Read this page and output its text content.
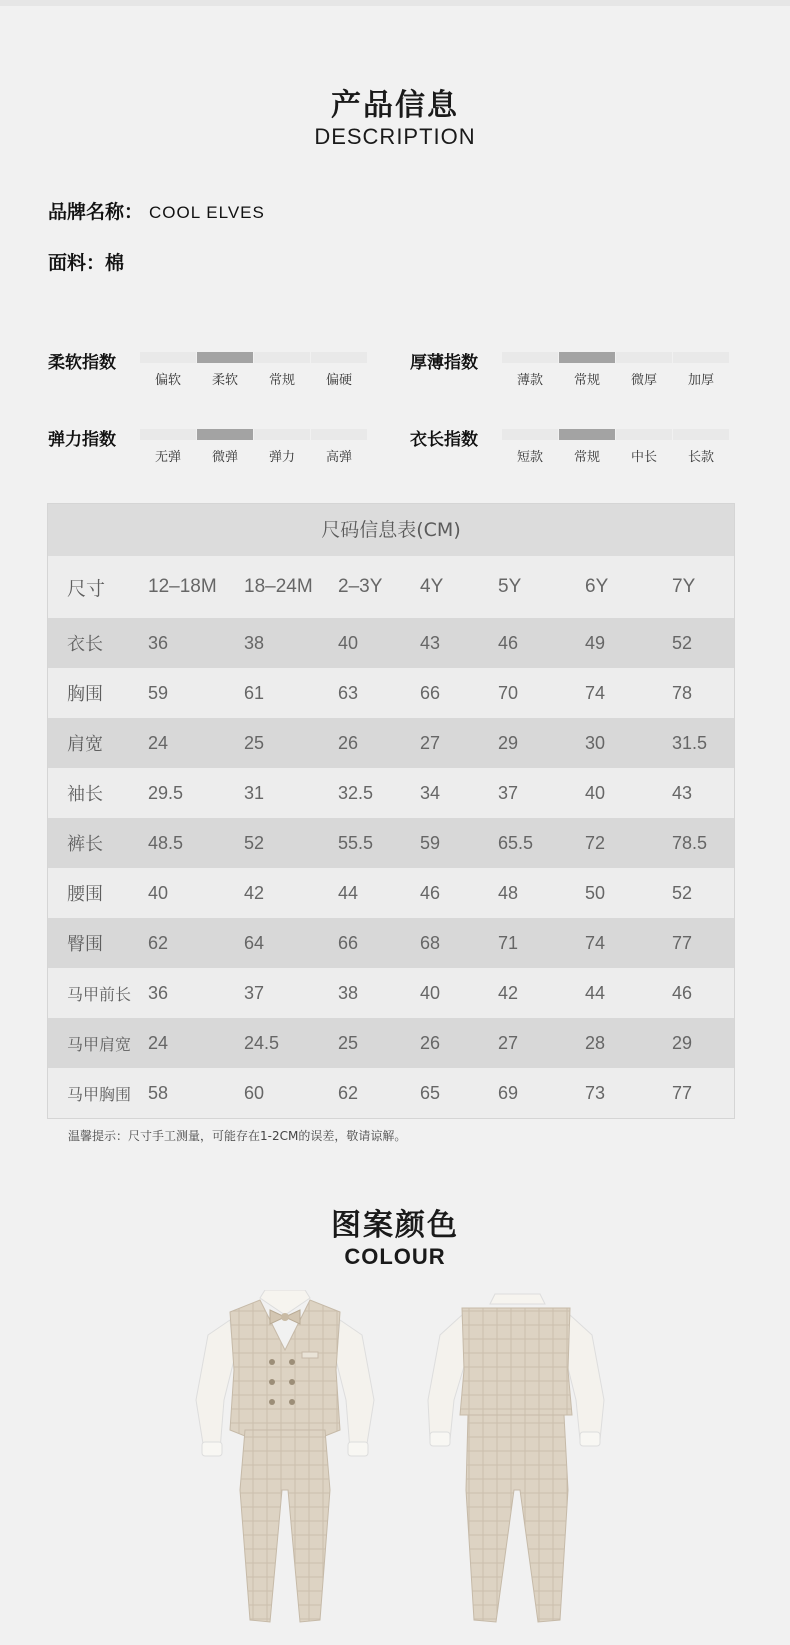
产品信息
DESCRIPTION
品牌名称： COOL ELVES
面料：棉
柔软指数
偏软	柔软	常规	偏硬
厚薄指数
薄款	常规	微厚	加厚
弹力指数
无弹	微弹	弹力	高弹
衣长指数
短款	常规	中长	长款
尺码信息表(CM)
尺寸 12–18M 18–24M 2–3Y 4Y	5Y	6Y	7Y
衣长	36	38	40	43	46	49	52
胸围	59	61	63	66	70	74	78
肩宽	24	25	26	27	29	30	31.5
袖长	29.5	31	32.5	34	37	40	43
裤长	48.5	52	55.5	59	65.5	72	78.5
腰围	40	42	44	46	48	50	52
臀围	62	64	66	68	71	74	77
马甲前长 36	37	38	40	42	44	46
马甲肩宽 24	24.5	25	26	27	28	29
马甲胸围 58	60	62	65	69	73	77
温馨提示：尺寸手工测量，可能存在1-2CM的误差，敬请谅解。
图案颜色
COLOUR
